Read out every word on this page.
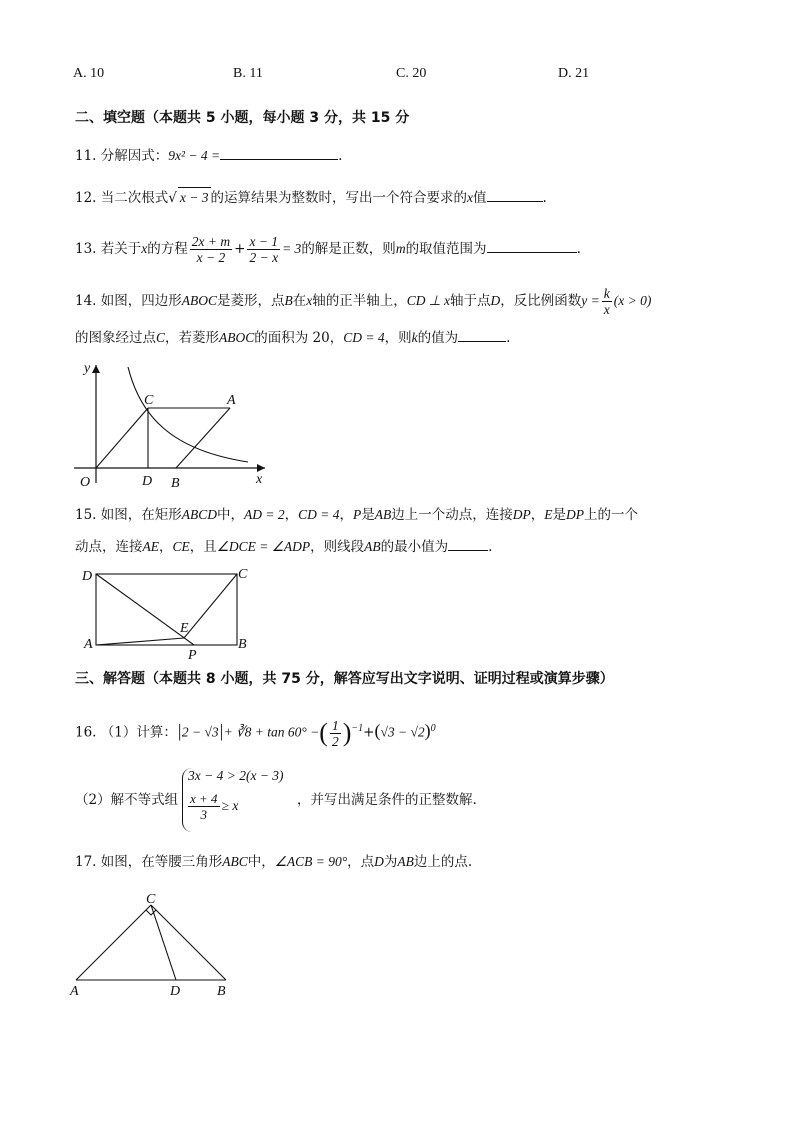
A. 10	B. 11	C. 20	D. 21
二、填空题（本题共 5 小题，每小题 3 分，共 15 分
11. 分解因式：9x² − 4 =	.
12. 当二次根式√ x − 3 的运算结果为整数时，写出一个符合要求的x值	.
13. 若关于x的方程 $\frac{2x + m}{x - 2} + \frac{x - 1}{2 - x} = 3$的解是正数，则m的取值范围为	.
14. 如图，四边形ABOC是菱形，点B在x轴的正半轴上，CD ⊥ x轴于点D，反比例函数$y = \frac{k}{x} (x > 0)$
的图象经过点C，若菱形ABOC的面积为 20，CD = 4，则k的值为	.
y
x
O
C	A
D B
15. 如图，在矩形ABCD中，AD = 2，CD = 4，P是AB边上一个动点，连接DP，E是DP上的一个
动点，连接AE，CE，且∠DCE = ∠ADP，则线段AB的最小值为	.
D	C
E
A	B
P
三、解答题（本题共 8 小题，共 75 分，解答应写出文字说明、证明过程或演算步骤）
16. （1）计算：|2 − √3|+ ∛8 + tan 60° −( $\frac{1}{2} )^{-1}+(√3 - √2)^0$
（2）解不等式组
3x − 4 > 2(x − 3)
$\frac{x + 4}{3} \ge x$	，并写出满足条件的正整数解.
17. 如图，在等腰三角形ABC中，∠ACB = 90°，点D为AB边上的点.
C
A	D	B
